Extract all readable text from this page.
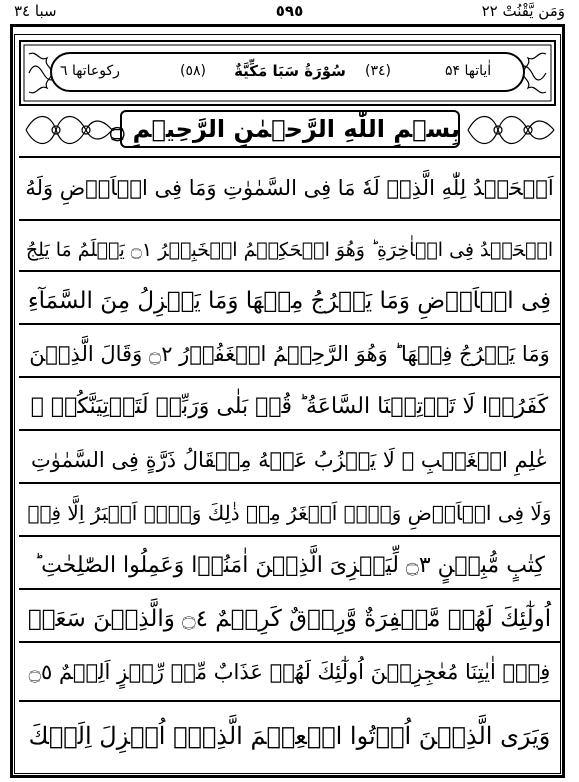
سبا ٣٤	٥٩٥	وَمَن يَّقْنُتْ ٢٢
رکوعاتها ٦	(٥٨)	سُوْرَةُ سَبَا مَكِّيَّةٌ	(٣٤)	اٰیاتها ۵۴
بِسۡمِ اللّٰهِ الرَّحۡمٰنِ الرَّحِیۡمِ ۝
اَلۡحَمۡدُ لِلّٰهِ الَّذِیۡ لَهٗ مَا فِی السَّمٰوٰتِ وَمَا فِی الۡاَرۡضِ وَلَهُ
الۡحَمۡدُ فِی الۡاٰخِرَةِ ؕ وَهُوَ الۡحَكِیۡمُ الۡخَبِیۡرُ ۝١ یَعۡلَمُ مَا یَلِجُ
فِی الۡاَرۡضِ وَمَا یَخۡرُجُ مِنۡهَا وَمَا یَنۡزِلُ مِنَ السَّمَآءِ
وَمَا یَعۡرُجُ فِیۡهَا ؕ وَهُوَ الرَّحِیۡمُ الۡغَفُوۡرُ ۝٢ وَقَالَ الَّذِیۡنَ
كَفَرُوۡا لَا تَاۡتِیۡنَا السَّاعَةُ ؕ قُلۡ بَلٰی وَرَبِّیۡ لَتَاۡتِیَنَّكُمۡ ۙ
عٰلِمِ الۡغَیۡبِ ۚ لَا یَعۡزُبُ عَنۡهُ مِثۡقَالُ ذَرَّةٍ فِی السَّمٰوٰتِ
وَلَا فِی الۡاَرۡضِ وَلَاۤ اَصۡغَرُ مِنۡ ذٰلِكَ وَلَاۤ اَكۡبَرُ اِلَّا فِیۡ
كِتٰبٍ مُّبِیۡنٍ ۝٣ لِّیَجۡزِیَ الَّذِیۡنَ اٰمَنُوۡا وَعَمِلُوا الصّٰلِحٰتِ ؕ
اُولٰٓئِكَ لَهُمۡ مَّغۡفِرَةٌ وَّرِزۡقٌ كَرِیۡمٌ ۝٤ وَالَّذِیۡنَ سَعَوۡ
فِیۡۤ اٰیٰتِنَا مُعٰجِزِیۡنَ اُولٰٓئِكَ لَهُمۡ عَذَابٌ مِّنۡ رِّجۡزٍ اَلِیۡمٌ ۝٥
وَیَرَی الَّذِیۡنَ اُوۡتُوا الۡعِلۡمَ الَّذِیۡۤ اُنۡزِلَ اِلَیۡكَ
